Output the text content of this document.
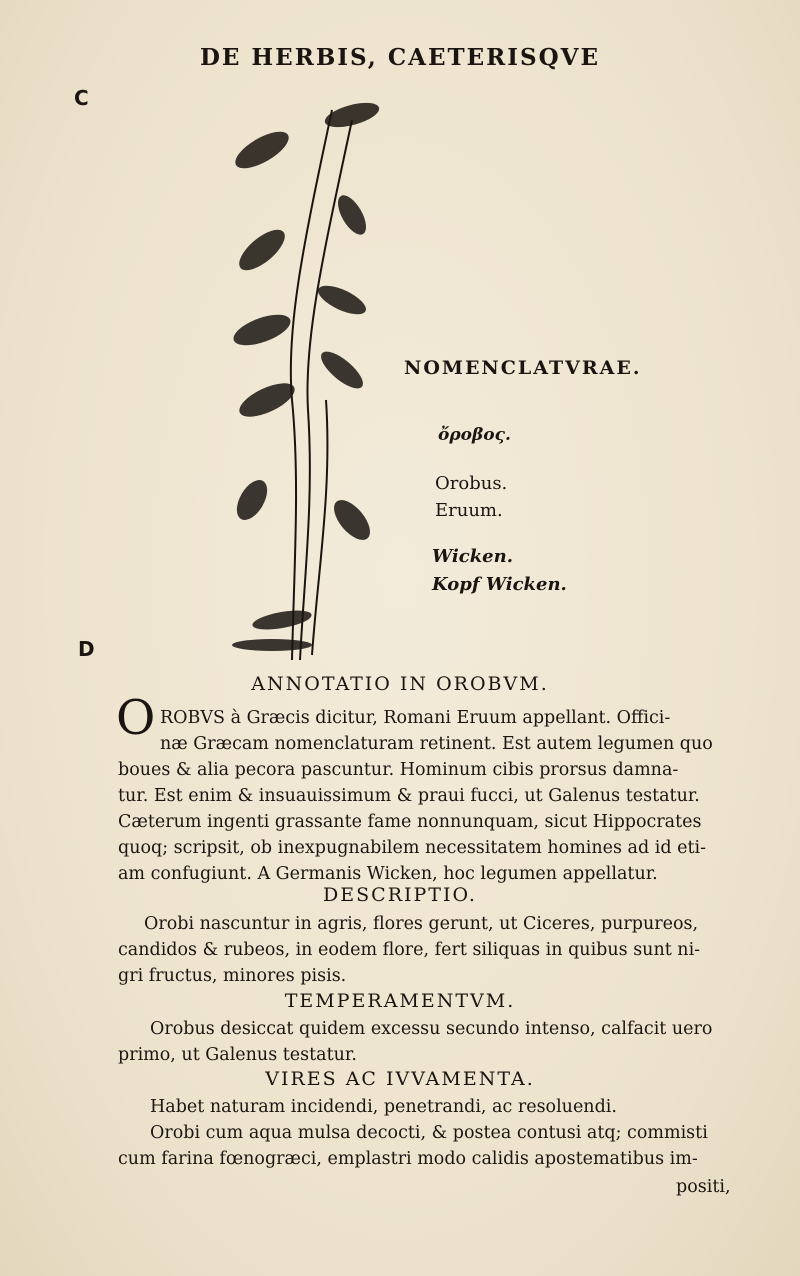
DE HERBIS, CAETERISQVE
C
D
NOMENCLATVRAE.
ὄροβος.
Orobus.
Eruum.
Wicken.
Kopf Wicken.
ANNOTATIO IN OROBVM.
O ROBVS à Græcis dicitur, Romani Eruum appellant. Offici-
næ Græcam nomenclaturam retinent. Est autem legumen quo
boues & alia pecora pascuntur. Hominum cibis prorsus damna-
tur. Est enim & insuauissimum & praui fucci, ut Galenus testatur.
Cæterum ingenti grassante fame nonnunquam, sicut Hippocrates
quoq; scripsit, ob inexpugnabilem necessitatem homines ad id eti-
am confugiunt. A Germanis Wicken, hoc legumen appellatur.
DESCRIPTIO.
Orobi nascuntur in agris, flores gerunt, ut Ciceres, purpureos,
candidos & rubeos, in eodem flore, fert siliquas in quibus sunt ni-
gri fructus, minores pisis.
TEMPERAMENTVM.
Orobus desiccat quidem excessu secundo intenso, calfacit uero
primo, ut Galenus testatur.
VIRES AC IVVAMENTA.
Habet naturam incidendi, penetrandi, ac resoluendi.
Orobi cum aqua mulsa decocti, & postea contusi atq; commisti
cum farina fœnogræci, emplastri modo calidis apostematibus im-
positi,
